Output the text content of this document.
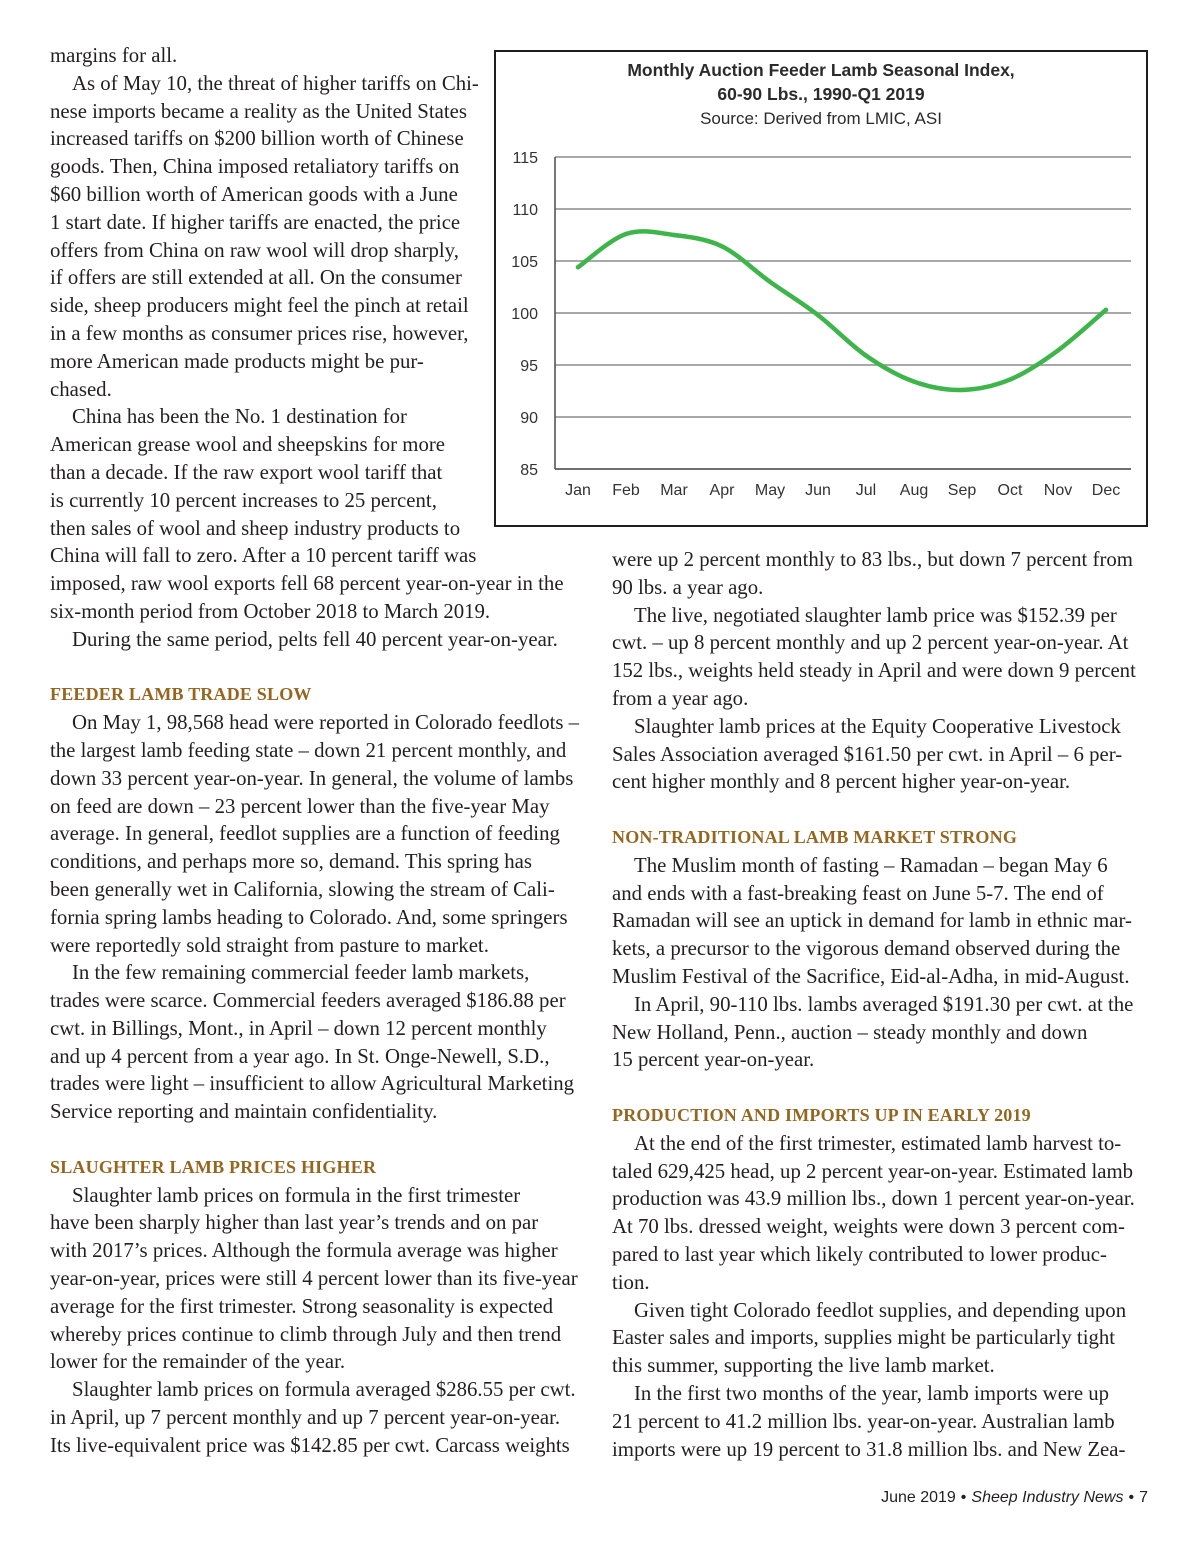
margins for all.
As of May 10, the threat of higher tariffs on Chi-
nese imports became a reality as the United States
increased tariffs on $200 billion worth of Chinese
goods. Then, China imposed retaliatory tariffs on
$60 billion worth of American goods with a June
1 start date. If higher tariffs are enacted, the price
offers from China on raw wool will drop sharply,
if offers are still extended at all. On the consumer
side, sheep producers might feel the pinch at retail
in a few months as consumer prices rise, however,
more American made products might be pur-
chased.
China has been the No. 1 destination for
American grease wool and sheepskins for more
than a decade. If the raw export wool tariff that
is currently 10 percent increases to 25 percent,
then sales of wool and sheep industry products to
China will fall to zero. After a 10 percent tariff was
imposed, raw wool exports fell 68 percent year-on-year in the
six-month period from October 2018 to March 2019.
During the same period, pelts fell 40 percent year-on-year.
FEEDER LAMB TRADE SLOW
On May 1, 98,568 head were reported in Colorado feedlots –
the largest lamb feeding state – down 21 percent monthly, and
down 33 percent year-on-year. In general, the volume of lambs
on feed are down – 23 percent lower than the five-year May
average. In general, feedlot supplies are a function of feeding
conditions, and perhaps more so, demand. This spring has
been generally wet in California, slowing the stream of Cali-
fornia spring lambs heading to Colorado. And, some springers
were reportedly sold straight from pasture to market.
In the few remaining commercial feeder lamb markets,
trades were scarce. Commercial feeders averaged $186.88 per
cwt. in Billings, Mont., in April – down 12 percent monthly
and up 4 percent from a year ago. In St. Onge-Newell, S.D.,
trades were light – insufficient to allow Agricultural Marketing
Service reporting and maintain confidentiality.
SLAUGHTER LAMB PRICES HIGHER
Slaughter lamb prices on formula in the first trimester
have been sharply higher than last year’s trends and on par
with 2017’s prices. Although the formula average was higher
year-on-year, prices were still 4 percent lower than its five-year
average for the first trimester. Strong seasonality is expected
whereby prices continue to climb through July and then trend
lower for the remainder of the year.
Slaughter lamb prices on formula averaged $286.55 per cwt.
in April, up 7 percent monthly and up 7 percent year-on-year.
Its live-equivalent price was $142.85 per cwt. Carcass weights
Monthly Auction Feeder Lamb Seasonal Index,
60-90 Lbs., 1990-Q1 2019
Source: Derived from LMIC, ASI
85
90
95
100
105
110
115
Jan Feb Mar Apr May Jun Jul Aug Sep Oct Nov Dec
were up 2 percent monthly to 83 lbs., but down 7 percent from
90 lbs. a year ago.
The live, negotiated slaughter lamb price was $152.39 per
cwt. – up 8 percent monthly and up 2 percent year-on-year. At
152 lbs., weights held steady in April and were down 9 percent
from a year ago.
Slaughter lamb prices at the Equity Cooperative Livestock
Sales Association averaged $161.50 per cwt. in April – 6 per-
cent higher monthly and 8 percent higher year-on-year.
NON-TRADITIONAL LAMB MARKET STRONG
The Muslim month of fasting – Ramadan – began May 6
and ends with a fast-breaking feast on June 5-7. The end of
Ramadan will see an uptick in demand for lamb in ethnic mar-
kets, a precursor to the vigorous demand observed during the
Muslim Festival of the Sacrifice, Eid-al-Adha, in mid-August.
In April, 90-110 lbs. lambs averaged $191.30 per cwt. at the
New Holland, Penn., auction – steady monthly and down
15 percent year-on-year.
PRODUCTION AND IMPORTS UP IN EARLY 2019
At the end of the first trimester, estimated lamb harvest to-
taled 629,425 head, up 2 percent year-on-year. Estimated lamb
production was 43.9 million lbs., down 1 percent year-on-year.
At 70 lbs. dressed weight, weights were down 3 percent com-
pared to last year which likely contributed to lower produc-
tion.
Given tight Colorado feedlot supplies, and depending upon
Easter sales and imports, supplies might be particularly tight
this summer, supporting the live lamb market.
In the first two months of the year, lamb imports were up
21 percent to 41.2 million lbs. year-on-year. Australian lamb
imports were up 19 percent to 31.8 million lbs. and New Zea-
June 2019 • Sheep Industry News • 7
